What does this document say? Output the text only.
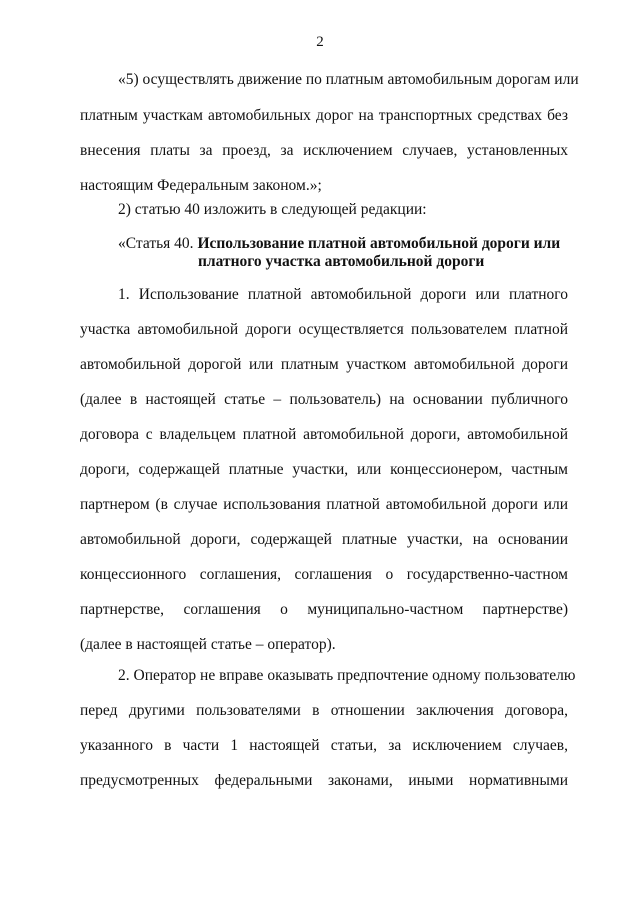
2
«5) осуществлять движение по платным автомобильным дорогам или
платным участкам автомобильных дорог на транспортных средствах без
внесения платы за проезд, за исключением случаев, установленных
настоящим Федеральным законом.»;
2) статью 40 изложить в следующей редакции:
«Статья 40. Использование платной автомобильной дороги или
платного участка автомобильной дороги
1. Использование платной автомобильной дороги или платного
участка автомобильной дороги осуществляется пользователем платной
автомобильной дорогой или платным участком автомобильной дороги
(далее в настоящей статье – пользователь) на основании публичного
договора с владельцем платной автомобильной дороги, автомобильной
дороги, содержащей платные участки, или концессионером, частным
партнером (в случае использования платной автомобильной дороги или
автомобильной дороги, содержащей платные участки, на основании
концессионного соглашения, соглашения о государственно-частном
партнерстве, соглашения о муниципально-частном партнерстве)
(далее в настоящей статье – оператор).
2. Оператор не вправе оказывать предпочтение одному пользователю
перед другими пользователями в отношении заключения договора,
указанного в части 1 настоящей статьи, за исключением случаев,
предусмотренных федеральными законами, иными нормативными
